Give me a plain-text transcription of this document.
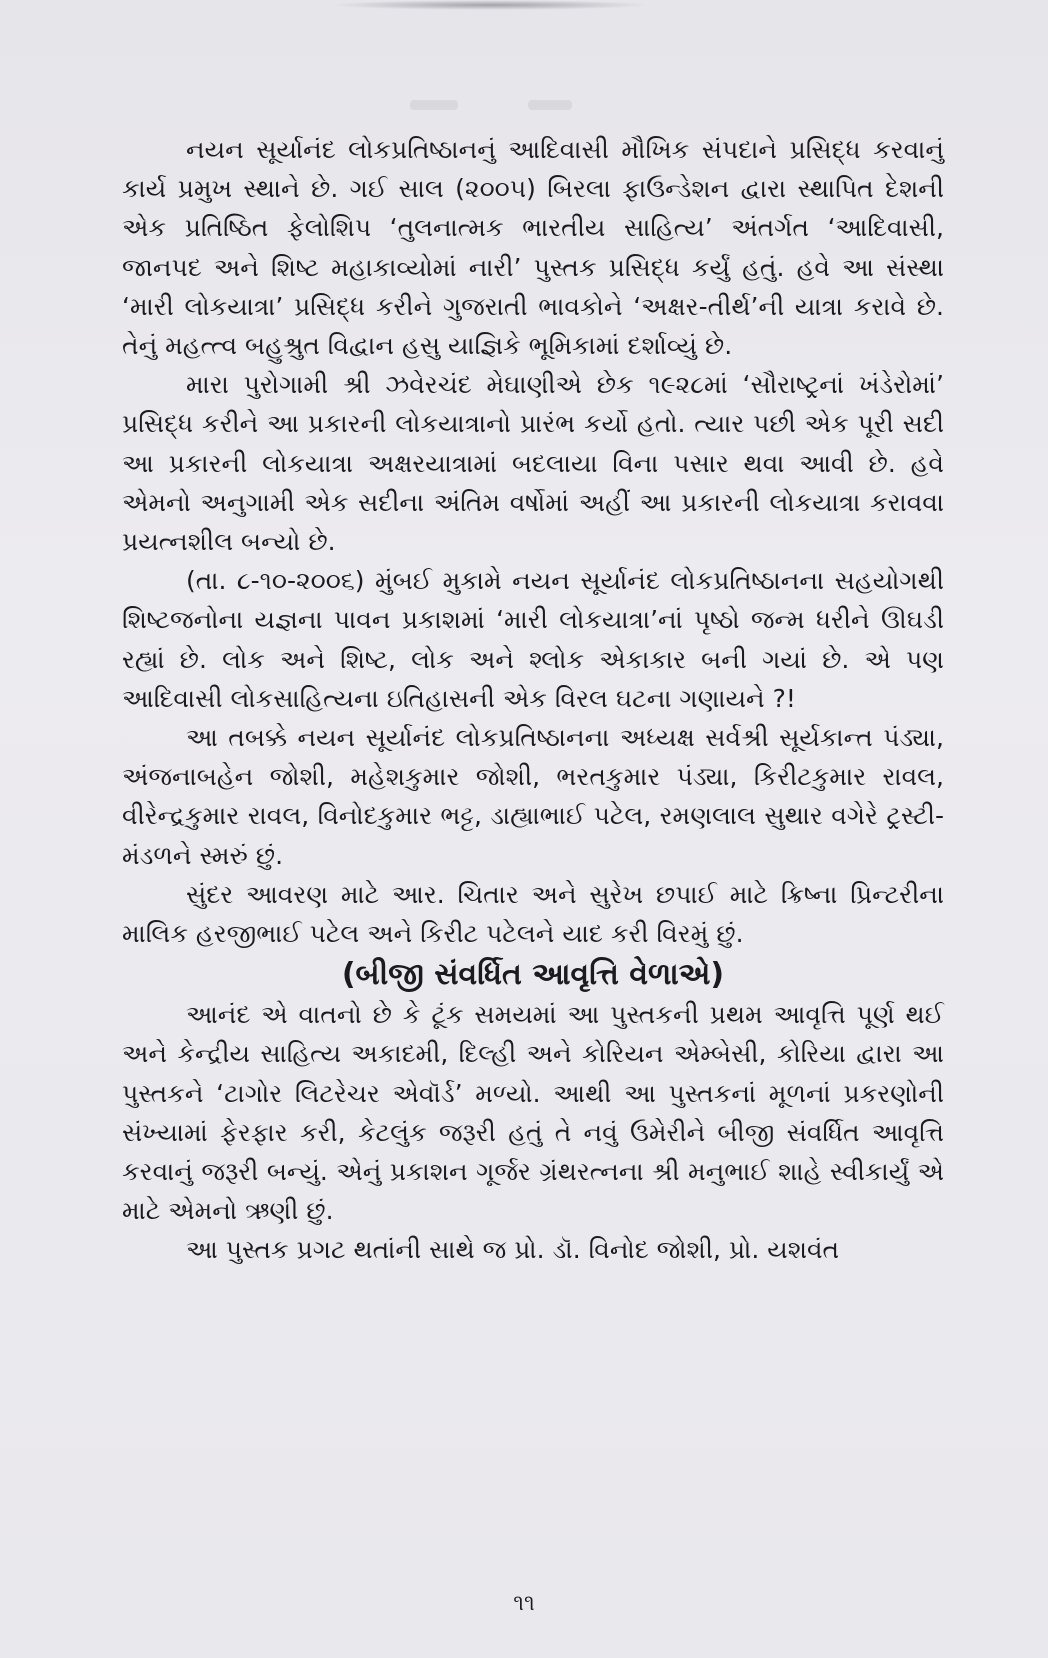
નયન સૂર્યાનંદ લોકપ્રતિષ્ઠાનનું આદિવાસી મૌખિક સંપદાને પ્રસિદ્ધ કરવાનું કાર્ય પ્રમુખ સ્થાને છે. ગઈ સાલ (૨૦૦૫) બિરલા ફાઉન્ડેશન દ્વારા સ્થાપિત દેશની એક પ્રતિષ્ઠિત ફેલોશિપ ‘તુલનાત્મક ભારતીય સાહિત્ય’ અંતર્ગત ‘આદિવાસી, જાનપદ અને શિષ્ટ મહાકાવ્યોમાં નારી’ પુસ્તક પ્રસિદ્ધ કર્યું હતું. હવે આ સંસ્થા ‘મારી લોકયાત્રા’ પ્રસિદ્ધ કરીને ગુજરાતી ભાવકોને ‘અક્ષર-તીર્થ’ની યાત્રા કરાવે છે. તેનું મહત્ત્વ બહુશ્રુત વિદ્વાન હસુ યાજ્ઞિકે ભૂમિકામાં દર્શાવ્યું છે.

મારા પુરોગામી શ્રી ઝવેરચંદ મેઘાણીએ છેક ૧૯૨૮માં ‘સૌરાષ્ટ્રનાં ખંડેરોમાં’ પ્રસિદ્ધ કરીને આ પ્રકારની લોકયાત્રાનો પ્રારંભ કર્યો હતો. ત્યાર પછી એક પૂરી સદી આ પ્રકારની લોકયાત્રા અક્ષરયાત્રામાં બદલાયા વિના પસાર થવા આવી છે. હવે એમનો અનુગામી એક સદીના અંતિમ વર્ષોમાં અહીં આ પ્રકારની લોકયાત્રા કરાવવા પ્રયત્નશીલ બન્યો છે.

(તા. ૮-૧૦-૨૦૦૬) મુંબઈ મુકામે નયન સૂર્યાનંદ લોકપ્રતિષ્ઠાનના સહયોગથી શિષ્ટજનોના યજ્ઞના પાવન પ્રકાશમાં ‘મારી લોકયાત્રા’નાં પૃષ્ઠો જન્મ ધરીને ઊઘડી રહ્યાં છે. લોક અને શિષ્ટ, લોક અને શ્લોક એકાકાર બની ગયાં છે. એ પણ આદિવાસી લોકસાહિત્યના ઇતિહાસની એક વિરલ ઘટના ગણાયને ?!

આ તબક્કે નયન સૂર્યાનંદ લોકપ્રતિષ્ઠાનના અધ્યક્ષ સર્વશ્રી સૂર્યકાન્ત પંડ્યા, અંજનાબહેન જોશી, મહેશકુમાર જોશી, ભરતકુમાર પંડ્યા, કિરીટકુમાર રાવલ, વીરેન્દ્રકુમાર રાવલ, વિનોદકુમાર ભટ્ટ, ડાહ્યાભાઈ પટેલ, રમણલાલ સુથાર વગેરે ટ્રસ્ટી-મંડળને સ્મરું છું.

સુંદર આવરણ માટે આર. ચિતાર અને સુરેખ છપાઈ માટે ક્રિષ્ના પ્રિન્ટરીના માલિક હરજીભાઈ પટેલ અને કિરીટ પટેલને યાદ કરી વિરમું છું.

(બીજી સંવર્ધિત આવૃત્તિ વેળાએ)

આનંદ એ વાતનો છે કે ટૂંક સમયમાં આ પુસ્તકની પ્રથમ આવૃત્તિ પૂર્ણ થઈ અને કેન્દ્રીય સાહિત્ય અકાદમી, દિલ્હી અને કોરિયન એમ્બેસી, કોરિયા દ્વારા આ પુસ્તકને ‘ટાગોર લિટરેચર એવૉર્ડ’ મળ્યો. આથી આ પુસ્તકનાં મૂળનાં પ્રકરણોની સંખ્યામાં ફેરફાર કરી, કેટલુંક જરૂરી હતું તે નવું ઉમેરીને બીજી સંવર્ધિત આવૃત્તિ કરવાનું જરૂરી બન્યું. એનું પ્રકાશન ગૂર્જર ગ્રંથરત્નના શ્રી મનુભાઈ શાહે સ્વીકાર્યું એ માટે એમનો ઋણી છું.

આ પુસ્તક પ્રગટ થતાંની સાથે જ પ્રો. ડૉ. વિનોદ જોશી, પ્રો. યશવંત

૧૧
